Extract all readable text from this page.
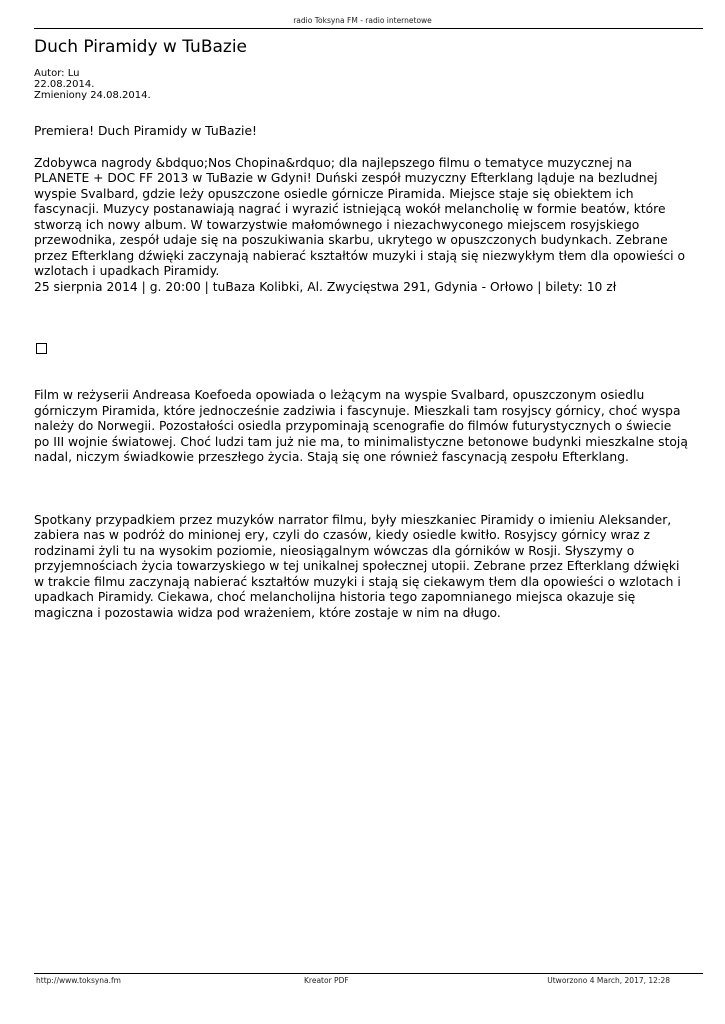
radio Toksyna FM - radio internetowe
Duch Piramidy w TuBazie
Autor: Lu
22.08.2014.
Zmieniony 24.08.2014.

Premiera! Duch Piramidy w TuBazie!

Zdobywca nagrody &bdquo;Nos Chopina&rdquo; dla najlepszego filmu o tematyce muzycznej na PLANETE + DOC FF 2013 w TuBazie w Gdyni! Duński zespół muzyczny Efterklang ląduje na bezludnej wyspie Svalbard, gdzie leży opuszczone osiedle górnicze Piramida. Miejsce staje się obiektem ich fascynacji. Muzycy postanawiają nagrać i wyrazić istniejącą wokół melancholię w formie beatów, które stworzą ich nowy album. W towarzystwie małomównego i niezachwyconego miejscem rosyjskiego przewodnika, zespół udaje się na poszukiwania skarbu, ukrytego w opuszczonych budynkach. Zebrane przez Efterklang dźwięki zaczynają nabierać kształtów muzyki i stają się niezwykłym tłem dla opowieści o wzlotach i upadkach Piramidy.

25 sierpnia 2014 | g. 20:00 | tuBaza Kolibki, Al. Zwycięstwa 291, Gdynia - Orłowo | bilety: 10 zł

Film w reżyserii Andreasa Koefoeda opowiada o leżącym na wyspie Svalbard, opuszczonym osiedlu górniczym Piramida, które jednocześnie zadziwia i fascynuje. Mieszkali tam rosyjscy górnicy, choć wyspa należy do Norwegii. Pozostałości osiedla przypominają scenografie do filmów futurystycznych o świecie po III wojnie światowej. Choć ludzi tam już nie ma, to minimalistyczne betonowe budynki mieszkalne stoją nadal, niczym świadkowie przeszłego życia. Stają się one również fascynacją zespołu Efterklang.

Spotkany przypadkiem przez muzyków narrator filmu, były mieszkaniec Piramidy o imieniu Aleksander, zabiera nas w podróż do minionej ery, czyli do czasów, kiedy osiedle kwitło. Rosyjscy górnicy wraz z rodzinami żyli tu na wysokim poziomie, nieosiągalnym wówczas dla górników w Rosji. Słyszymy o przyjemnościach życia towarzyskiego w tej unikalnej społecznej utopii. Zebrane przez Efterklang dźwięki w trakcie filmu zaczynają nabierać kształtów muzyki i stają się ciekawym tłem dla opowieści o wzlotach i upadkach Piramidy. Ciekawa, choć melancholijna historia tego zapomnianego miejsca okazuje się magiczna i pozostawia widza pod wrażeniem, które zostaje w nim na długo.

http://www.toksyna.fm	Kreator PDF	Utworzono 4 March, 2017, 12:28
